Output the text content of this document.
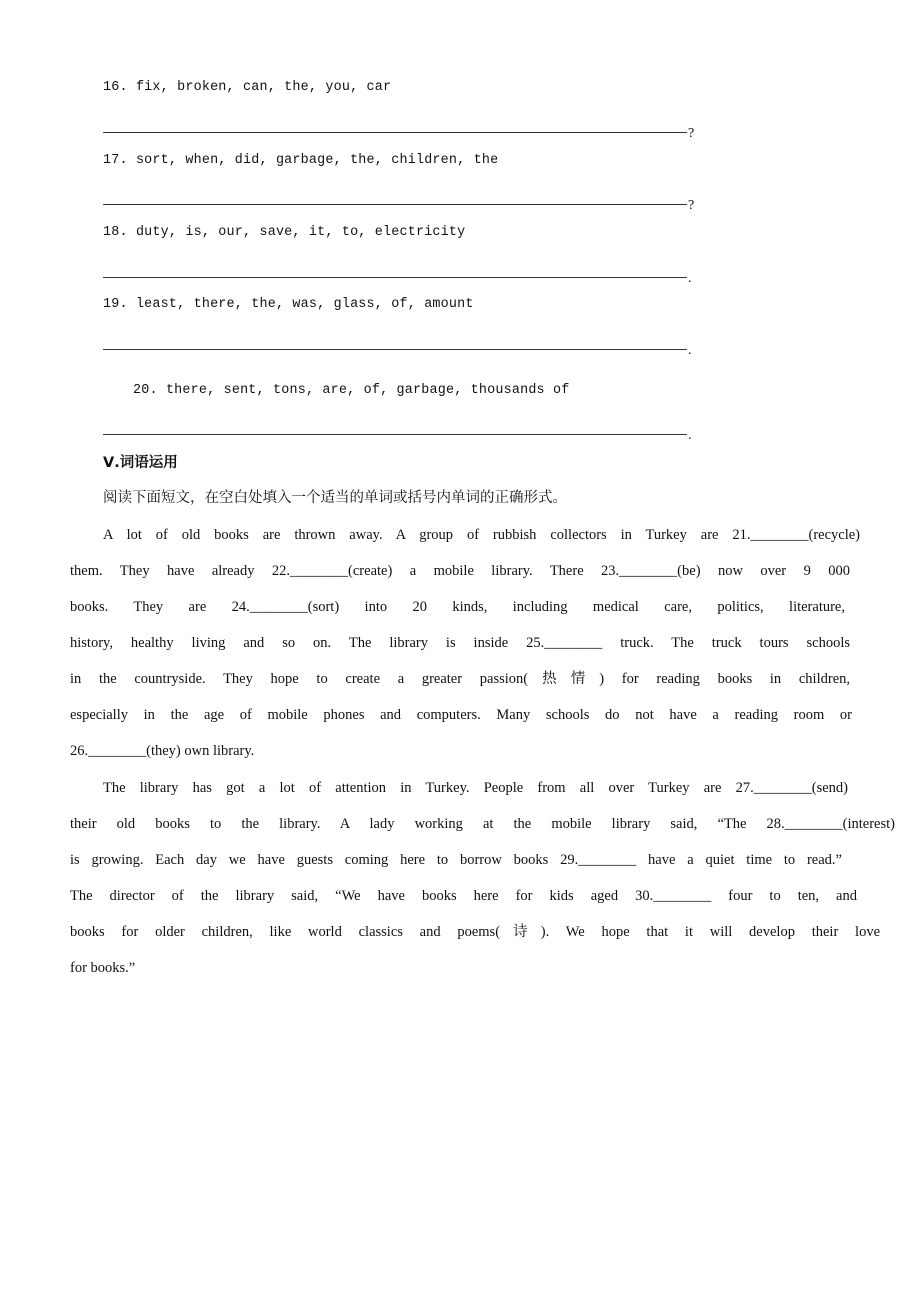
16. fix, broken, can, the, you, car
?
17. sort, when, did, garbage, the, children, the
?
18. duty, is, our, save, it, to, electricity
.
19. least, there, the, was, glass, of, amount
.
20. there, sent, tons, are, of, garbage, thousands of
.
Ⅴ.词语运用
阅读下面短文，在空白处填入一个适当的单词或括号内单词的正确形式。
A lot of old books are thrown away. A group of rubbish collectors in Turkey are 21.________(recycle)
them. They have already 22.________(create) a mobile library. There 23.________(be) now over 9 000
books. They are 24.________(sort) into 20 kinds, including medical care, politics, literature,
history, healthy living and so on. The library is inside 25.________ truck. The truck tours schools
in the countryside. They hope to create a greater passion(热情) for reading books in children,
especially in the age of mobile phones and computers. Many schools do not have a reading room or
26.________(they) own library.
The library has got a lot of attention in Turkey. People from all over Turkey are 27.________(send)
their old books to the library. A lady working at the mobile library said, “The 28.________(interest)
is growing. Each day we have guests coming here to borrow books 29.________ have a quiet time to read.”
The director of the library said, “We have books here for kids aged 30.________ four to ten, and
books for older children, like world classics and poems(诗). We hope that it will develop their love
for books.”
